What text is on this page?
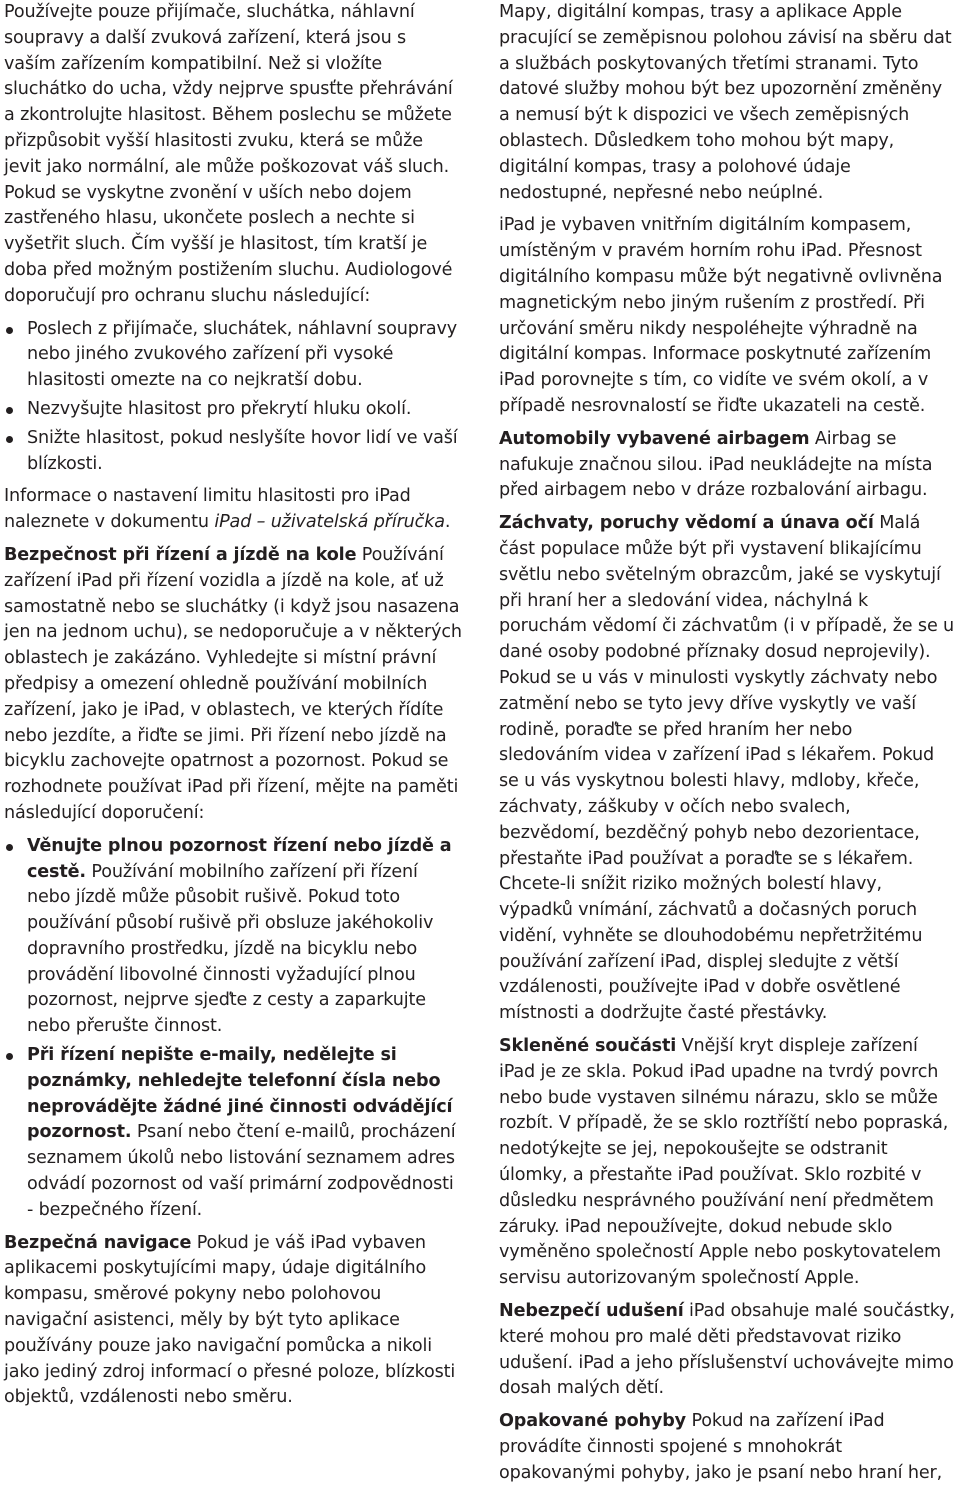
Používejte pouze přijímače, sluchátka, náhlavní soupravy a další zvuková zařízení, která jsou s vaším zařízením kompatibilní. Než si vložíte sluchátko do ucha, vždy nejprve spusťte přehrávání a zkontrolujte hlasitost. Během poslechu se můžete přizpůsobit vyšší hlasitosti zvuku, která se může jevit jako normální, ale může poškozovat váš sluch. Pokud se vyskytne zvonění v uších nebo dojem zastřeného hlasu, ukončete poslech a nechte si vyšetřit sluch. Čím vyšší je hlasitost, tím kratší je doba před možným postižením sluchu. Audiologové doporučují pro ochranu sluchu následující:

Poslech z přijímače, sluchátek, náhlavní soupravy nebo jiného zvukového zařízení při vysoké hlasitosti omezte na co nejkratší dobu.
Nezvyšujte hlasitost pro překrytí hluku okolí.
Snižte hlasitost, pokud neslyšíte hovor lidí ve vaší blízkosti.

Informace o nastavení limitu hlasitosti pro iPad naleznete v dokumentu iPad – uživatelská příručka.

Bezpečnost při řízení a jízdě na kole Používání zařízení iPad při řízení vozidla a jízdě na kole, ať už samostatně nebo se sluchátky (i když jsou nasazena jen na jednom uchu), se nedoporučuje a v některých oblastech je zakázáno. Vyhledejte si místní právní předpisy a omezení ohledně používání mobilních zařízení, jako je iPad, v oblastech, ve kterých řídíte nebo jezdíte, a řiďte se jimi. Při řízení nebo jízdě na bicyklu zachovejte opatrnost a pozornost. Pokud se rozhodnete používat iPad při řízení, mějte na paměti následující doporučení:

Věnujte plnou pozornost řízení nebo jízdě a cestě. Používání mobilního zařízení při řízení nebo jízdě může působit rušivě. Pokud toto používání působí rušivě při obsluze jakéhokoliv dopravního prostředku, jízdě na bicyklu nebo provádění libovolné činnosti vyžadující plnou pozornost, nejprve sjeďte z cesty a zaparkujte nebo přerušte činnost.
Při řízení nepište e-maily, nedělejte si poznámky, nehledejte telefonní čísla nebo neprovádějte žádné jiné činnosti odvádějící pozornost. Psaní nebo čtení e-mailů, procházení seznamem úkolů nebo listování seznamem adres odvádí pozornost od vaší primární zodpovědnosti - bezpečného řízení.

Bezpečná navigace Pokud je váš iPad vybaven aplikacemi poskytujícími mapy, údaje digitálního kompasu, směrové pokyny nebo polohovou navigační asistenci, měly by být tyto aplikace používány pouze jako navigační pomůcka a nikoli jako jediný zdroj informací o přesné poloze, blízkosti objektů, vzdálenosti nebo směru.

Mapy, digitální kompas, trasy a aplikace Apple pracující se zeměpisnou polohou závisí na sběru dat a službách poskytovaných třetími stranami. Tyto datové služby mohou být bez upozornění změněny a nemusí být k dispozici ve všech zeměpisných oblastech. Důsledkem toho mohou být mapy, digitální kompas, trasy a polohové údaje nedostupné, nepřesné nebo neúplné.

iPad je vybaven vnitřním digitálním kompasem, umístěným v pravém horním rohu iPad. Přesnost digitálního kompasu může být negativně ovlivněna magnetickým nebo jiným rušením z prostředí. Při určování směru nikdy nespoléhejte výhradně na digitální kompas. Informace poskytnuté zařízením iPad porovnejte s tím, co vidíte ve svém okolí, a v případě nesrovnalostí se řiďte ukazateli na cestě.

Automobily vybavené airbagem Airbag se nafukuje značnou silou. iPad neukládejte na místa před airbagem nebo v dráze rozbalování airbagu.

Záchvaty, poruchy vědomí a únava očí Malá část populace může být při vystavení blikajícímu světlu nebo světelným obrazcům, jaké se vyskytují při hraní her a sledování videa, náchylná k poruchám vědomí či záchvatům (i v případě, že se u dané osoby podobné příznaky dosud neprojevily). Pokud se u vás v minulosti vyskytly záchvaty nebo zatmění nebo se tyto jevy dříve vyskytly ve vaší rodině, poraďte se před hraním her nebo sledováním videa v zařízení iPad s lékařem. Pokud se u vás vyskytnou bolesti hlavy, mdloby, křeče, záchvaty, záškuby v očích nebo svalech, bezvědomí, bezděčný pohyb nebo dezorientace, přestaňte iPad používat a poraďte se s lékařem. Chcete-li snížit riziko možných bolestí hlavy, výpadků vnímání, záchvatů a dočasných poruch vidění, vyhněte se dlouhodobému nepřetržitému používání zařízení iPad, displej sledujte z větší vzdálenosti, používejte iPad v dobře osvětlené místnosti a dodržujte časté přestávky.

Skleněné součásti Vnější kryt displeje zařízení iPad je ze skla. Pokud iPad upadne na tvrdý povrch nebo bude vystaven silnému nárazu, sklo se může rozbít. V případě, že se sklo roztříští nebo popraská, nedotýkejte se jej, nepokoušejte se odstranit úlomky, a přestaňte iPad používat. Sklo rozbité v důsledku nesprávného používání není předmětem záruky. iPad nepoužívejte, dokud nebude sklo vyměněno společností Apple nebo poskytovatelem servisu autorizovaným společností Apple.

Nebezpečí udušení iPad obsahuje malé součástky, které mohou pro malé děti představovat riziko udušení. iPad a jeho příslušenství uchovávejte mimo dosah malých dětí.

Opakované pohyby Pokud na zařízení iPad provádíte činnosti spojené s mnohokrát opakovanými pohyby, jako je psaní nebo hraní her,
